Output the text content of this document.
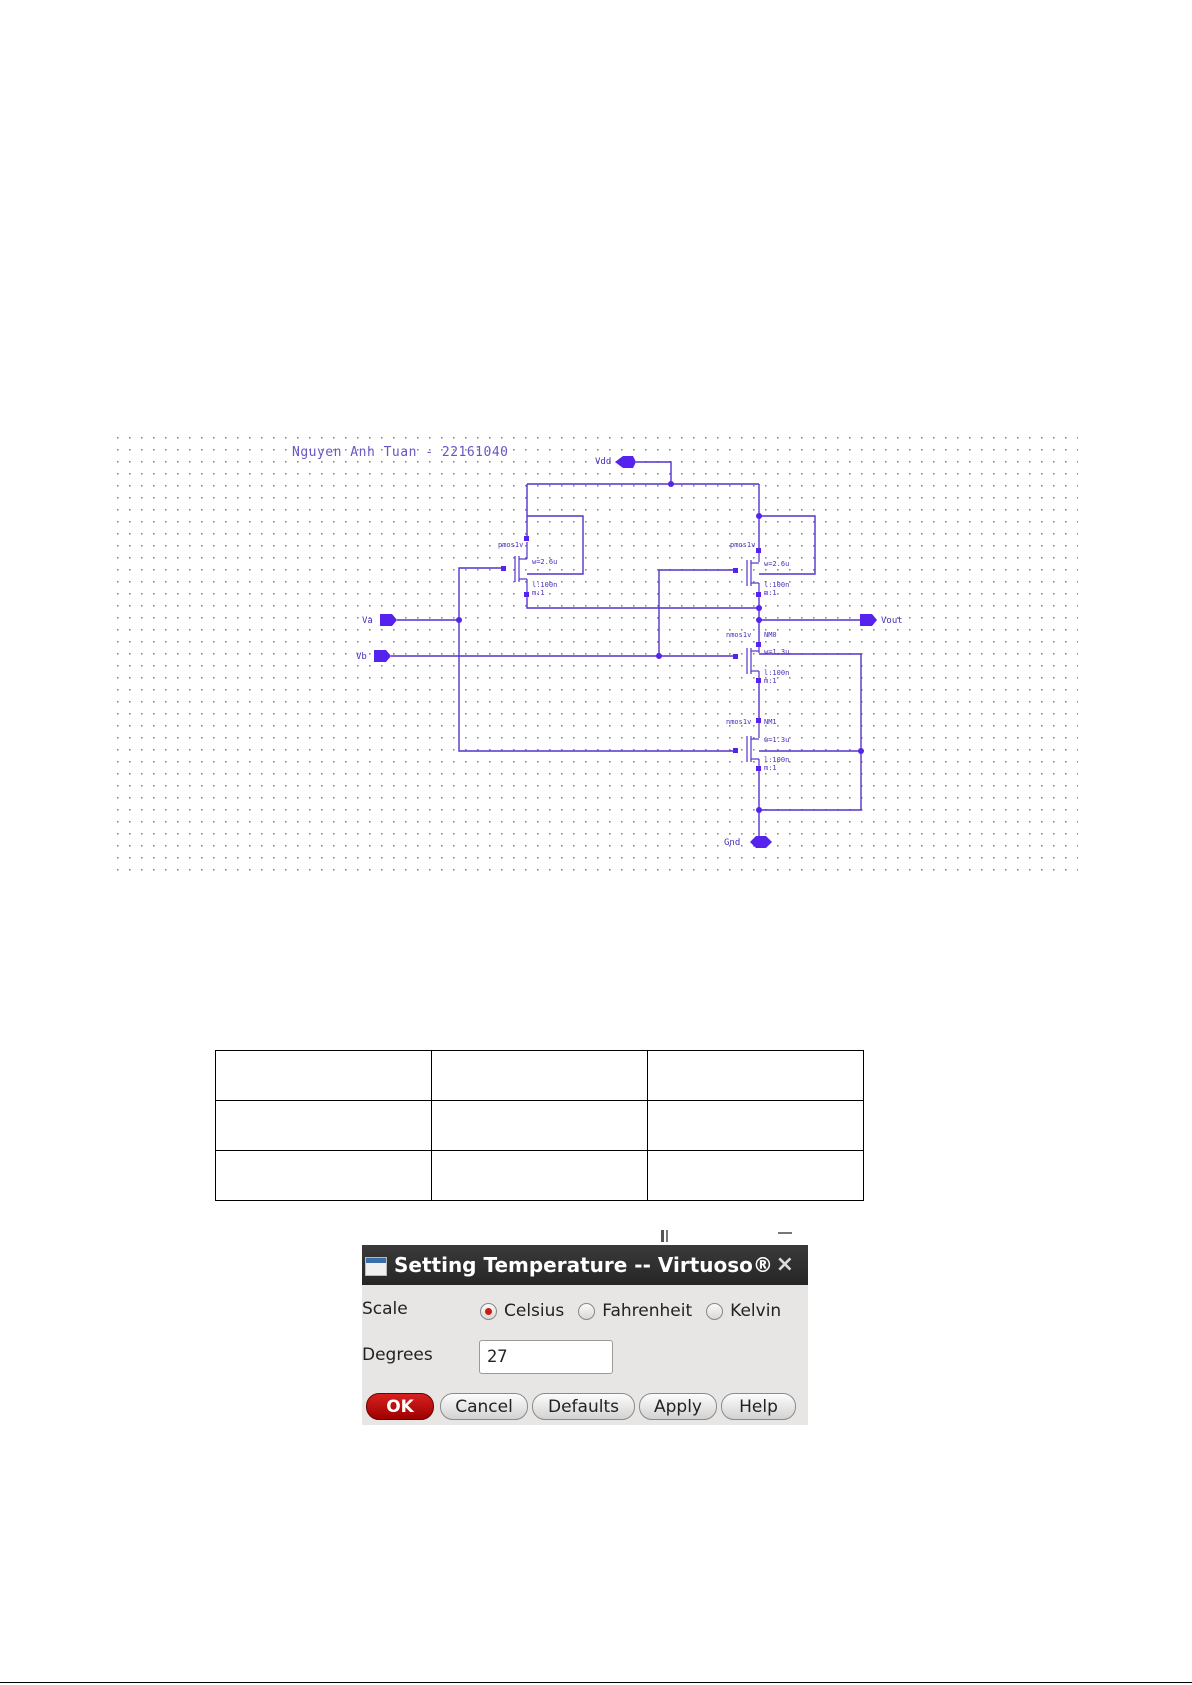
Nguyen Anh Tuan - 22161040
Vdd
pmos1v
w=2.6u
l:100n
m:1
pmos1v
w=2.6u
l:100n
m:1
Va	Vout
Vb
nmos1v NM0
w=1.3u
l:100n
m:1
nmos1v NM1
w=1.3u
l:100n
m:1
Gnd

Setting Temperature -- Virtuoso® ×
Scale	Celsius Fahrenheit Kelvin
Degrees
27
OK	Cancel	Defaults	Apply	Help
